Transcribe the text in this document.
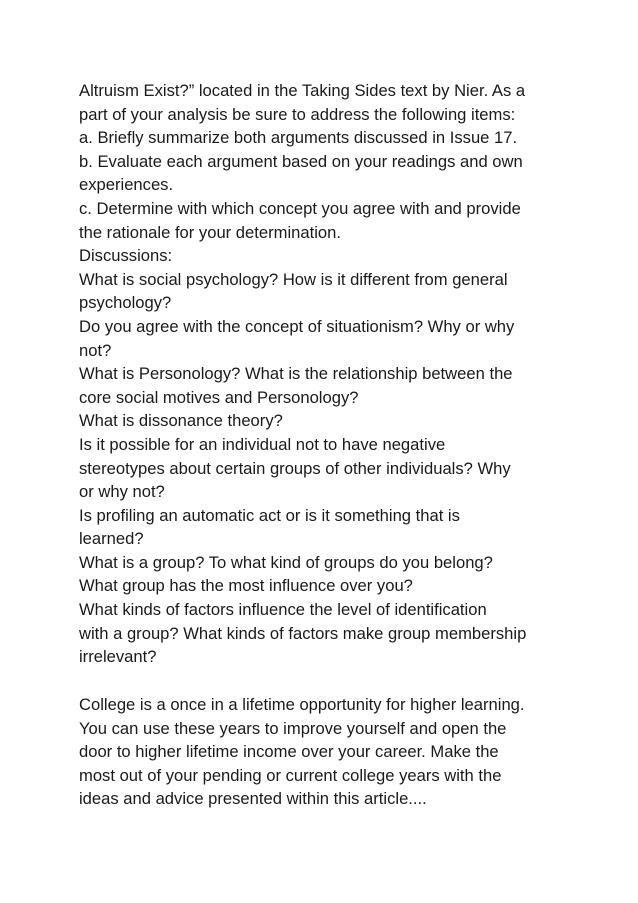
Altruism Exist?” located in the Taking Sides text by Nier. As a
part of your analysis be sure to address the following items:
a. Briefly summarize both arguments discussed in Issue 17.
b. Evaluate each argument based on your readings and own
experiences.
c. Determine with which concept you agree with and provide
the rationale for your determination.
Discussions:
What is social psychology? How is it different from general
psychology?
Do you agree with the concept of situationism? Why or why
not?
What is Personology? What is the relationship between the
core social motives and Personology?
What is dissonance theory?
Is it possible for an individual not to have negative
stereotypes about certain groups of other individuals? Why
or why not?
Is profiling an automatic act or is it something that is
learned?
What is a group? To what kind of groups do you belong?
What group has the most influence over you?
What kinds of factors influence the level of identification
with a group? What kinds of factors make group membership
irrelevant?
College is a once in a lifetime opportunity for higher learning.
You can use these years to improve yourself and open the
door to higher lifetime income over your career. Make the
most out of your pending or current college years with the
ideas and advice presented within this article....
